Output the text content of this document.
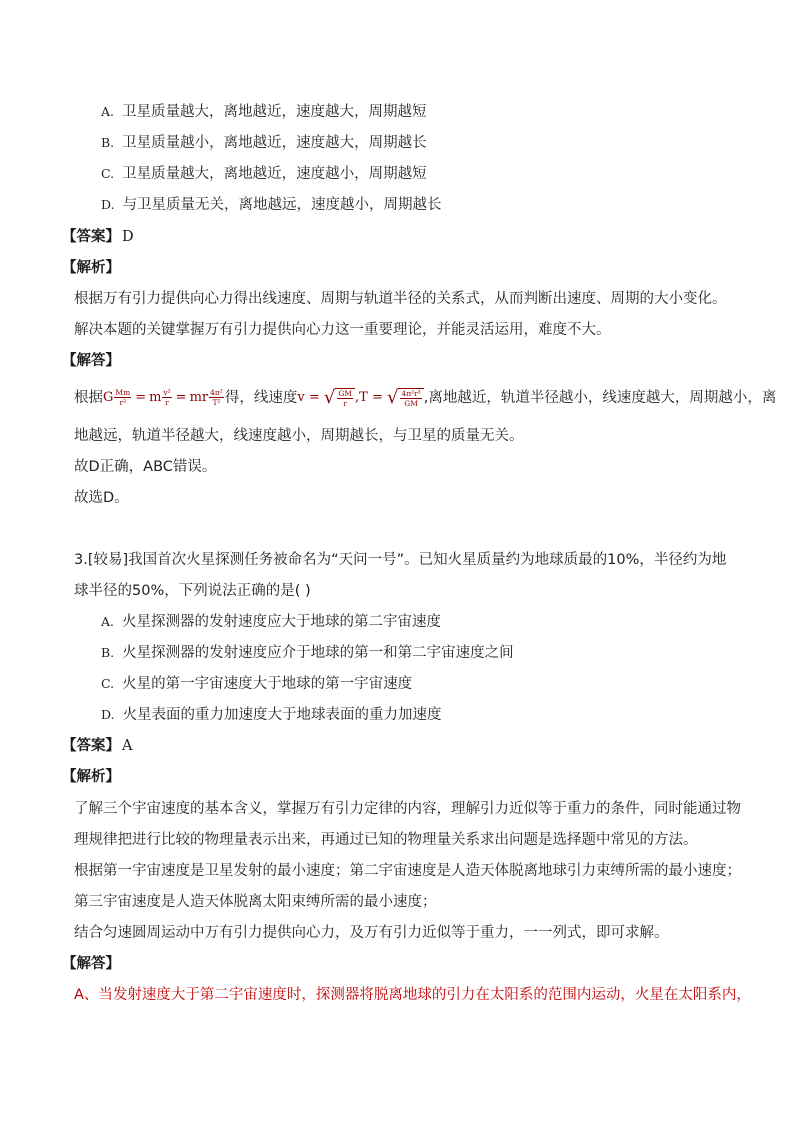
A. 卫星质量越大，离地越近，速度越大，周期越短
B. 卫星质量越小，离地越近，速度越大，周期越长
C. 卫星质量越大，离地越近，速度越小，周期越短
D. 与卫星质量无关，离地越远，速度越小，周期越长
【答案】 D
【解析】
根据万有引力提供向心力得出线速度、周期与轨道半径的关系式，从而判断出速度、周期的大小变化。
解决本题的关键掌握万有引力提供向心力这一重要理论，并能灵活运用，难度不大。
【解答】
根据G $\frac{Mm}{\text{r²}} = m \frac{\text{v²}}{r}$ = mr $\frac{\text{4π²}}{\text{T²}}$ 得，线速度v = √ $\frac{GM}{r} ,T$ = √ $\frac{\text{4π²r³}}{GM}$ ,离地越近，轨道半径越小，线速度越大，周期越小，离
地越远，轨道半径越大，线速度越小，周期越长，与卫星的质量无关。
故D正确，ABC错误。
故选D。
3.[较易]我国首次火星探测任务被命名为“天问一号”。已知火星质量约为地球质最的10%，半径约为地
球半径的50%，下列说法正确的是( )
A. 火星探测器的发射速度应大于地球的第二宇宙速度
B. 火星探测器的发射速度应介于地球的第一和第二宇宙速度之间
C. 火星的第一宇宙速度大于地球的第一宇宙速度
D. 火星表面的重力加速度大于地球表面的重力加速度
【答案】 A
【解析】
了解三个宇宙速度的基本含义，掌握万有引力定律的内容，理解引力近似等于重力的条件，同时能通过物
理规律把进行比较的物理量表示出来，再通过已知的物理量关系求出问题是选择题中常见的方法。
根据第一宇宙速度是卫星发射的最小速度；第二宇宙速度是人造天体脱离地球引力束缚所需的最小速度；
第三宇宙速度是人造天体脱离太阳束缚所需的最小速度；
结合匀速圆周运动中万有引力提供向心力，及万有引力近似等于重力，一一列式，即可求解。
【解答】
A、当发射速度大于第二宇宙速度时，探测器将脱离地球的引力在太阳系的范围内运动，火星在太阳系内，
